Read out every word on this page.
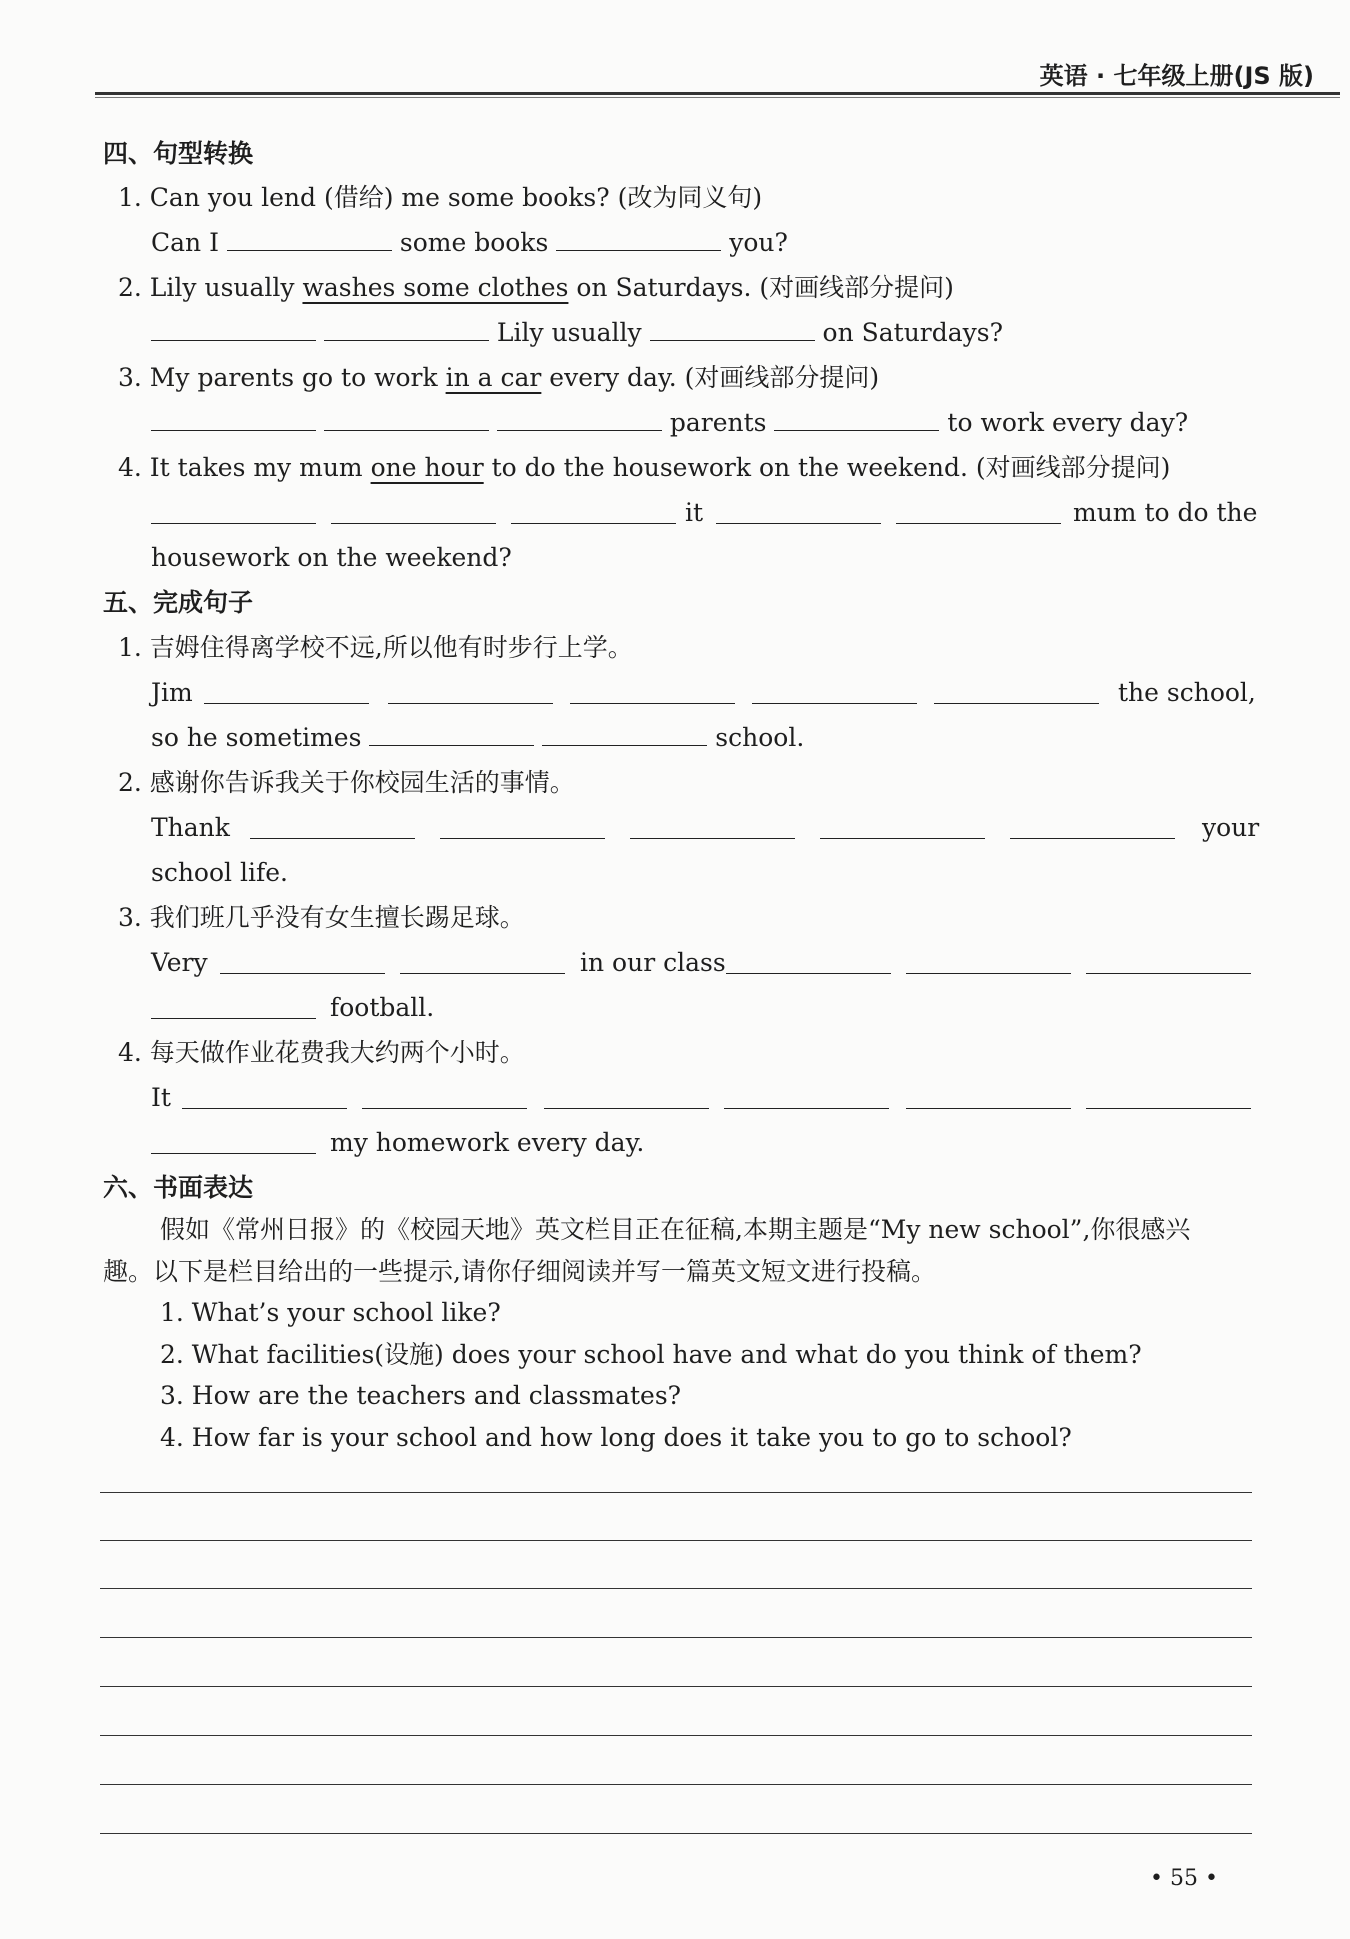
英语 · 七年级上册(JS 版)
四、句型转换
1. Can you lend (借给) me some books? (改为同义句)
Can I	some books	you?
2. Lily usually washes some clothes on Saturdays. (对画线部分提问)
Lily usually	on Saturdays?
3. My parents go to work in a car every day. (对画线部分提问)
parents	to work every day?
4. It takes my mum one hour to do the housework on the weekend. (对画线部分提问)
it	mum to do the
housework on the weekend?
五、完成句子
1. 吉姆住得离学校不远,所以他有时步行上学。
Jim	the school,
so he sometimes	school.
2. 感谢你告诉我关于你校园生活的事情。
Thank	your
school life.
3. 我们班几乎没有女生擅长踢足球。
Very	in our class
football.
4. 每天做作业花费我大约两个小时。
It
my homework every day.
六、书面表达
假如《常州日报》的《校园天地》英文栏目正在征稿,本期主题是“My new school”,你很感兴
趣。以下是栏目给出的一些提示,请你仔细阅读并写一篇英文短文进行投稿。
1. What’s your school like?
2. What facilities(设施) does your school have and what do you think of them?
3. How are the teachers and classmates?
4. How far is your school and how long does it take you to go to school?
• 55 •
